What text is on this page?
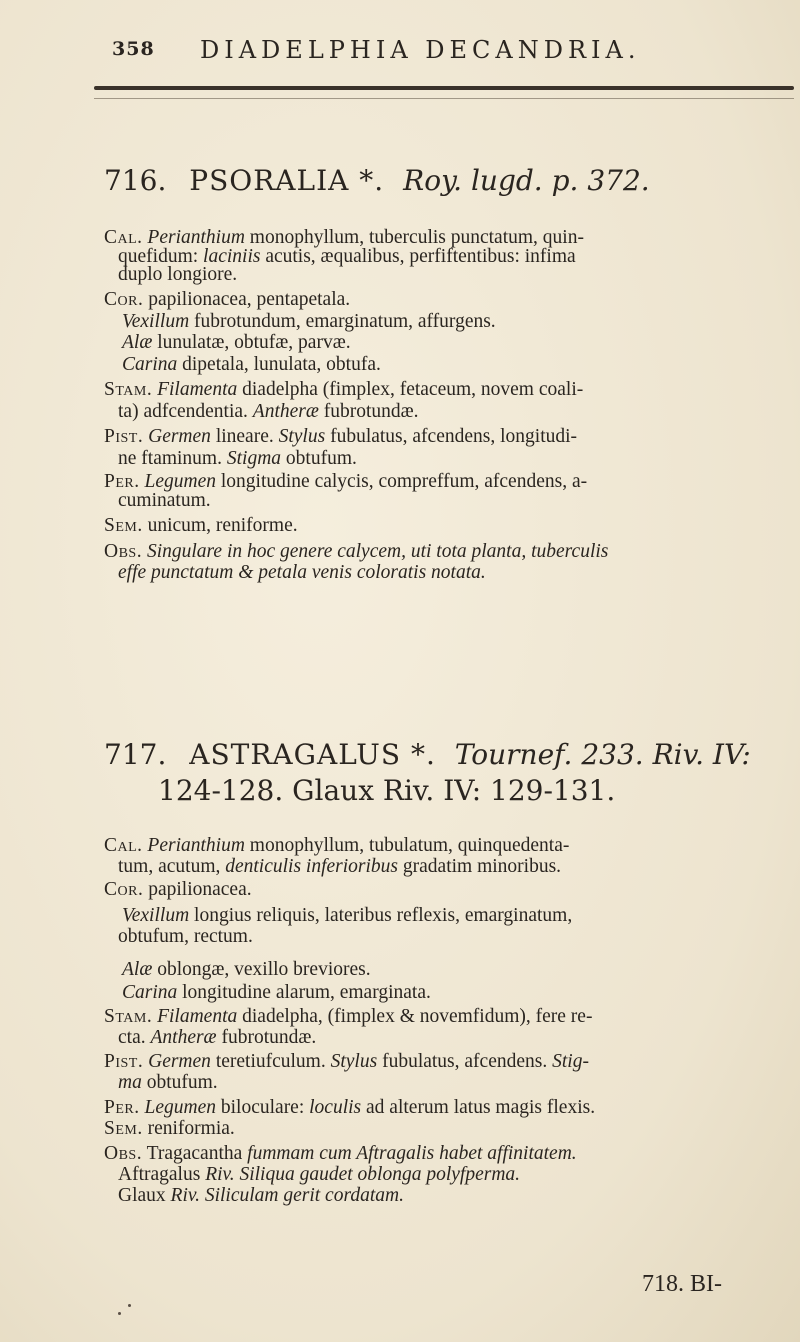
358 DIADELPHIA DECANDRIA.
716. PSORALIA *. Roy. lugd. p. 372.
Cal. Perianthium monophyllum, tuberculis punctatum, quin-
quefidum: laciniis acutis, æqualibus, perfiftentibus: infima
duplo longiore.
Cor. papilionacea, pentapetala.
Vexillum fubrotundum, emarginatum, affurgens.
Alæ lunulatæ, obtufæ, parvæ.
Carina dipetala, lunulata, obtufa.
Stam. Filamenta diadelpha (fimplex, fetaceum, novem coali-
ta) adfcendentia. Antheræ fubrotundæ.
Pist. Germen lineare. Stylus fubulatus, afcendens, longitudi-
ne ftaminum. Stigma obtufum.
Per. Legumen longitudine calycis, compreffum, afcendens, a-
cuminatum.
Sem. unicum, reniforme.
Obs. Singulare in hoc genere calycem, uti tota planta, tuberculis
effe punctatum & petala venis coloratis notata.
717. ASTRAGALUS *. Tournef. 233. Riv. IV:
124-128. Glaux Riv. IV: 129-131.
Cal. Perianthium monophyllum, tubulatum, quinquedenta-
tum, acutum, denticulis inferioribus gradatim minoribus.
Cor. papilionacea.
Vexillum longius reliquis, lateribus reflexis, emarginatum,
obtufum, rectum.
Alæ oblongæ, vexillo breviores.
Carina longitudine alarum, emarginata.
Stam. Filamenta diadelpha, (fimplex & novemfidum), fere re-
cta. Antheræ fubrotundæ.
Pist. Germen teretiufculum. Stylus fubulatus, afcendens. Stig-
ma obtufum.
Per. Legumen biloculare: loculis ad alterum latus magis flexis.
Sem. reniformia.
Obs. Tragacantha fummam cum Aftragalis habet affinitatem.
Aftragalus Riv. Siliqua gaudet oblonga polyfperma.
Glaux Riv. Siliculam gerit cordatam.
718. BI-
